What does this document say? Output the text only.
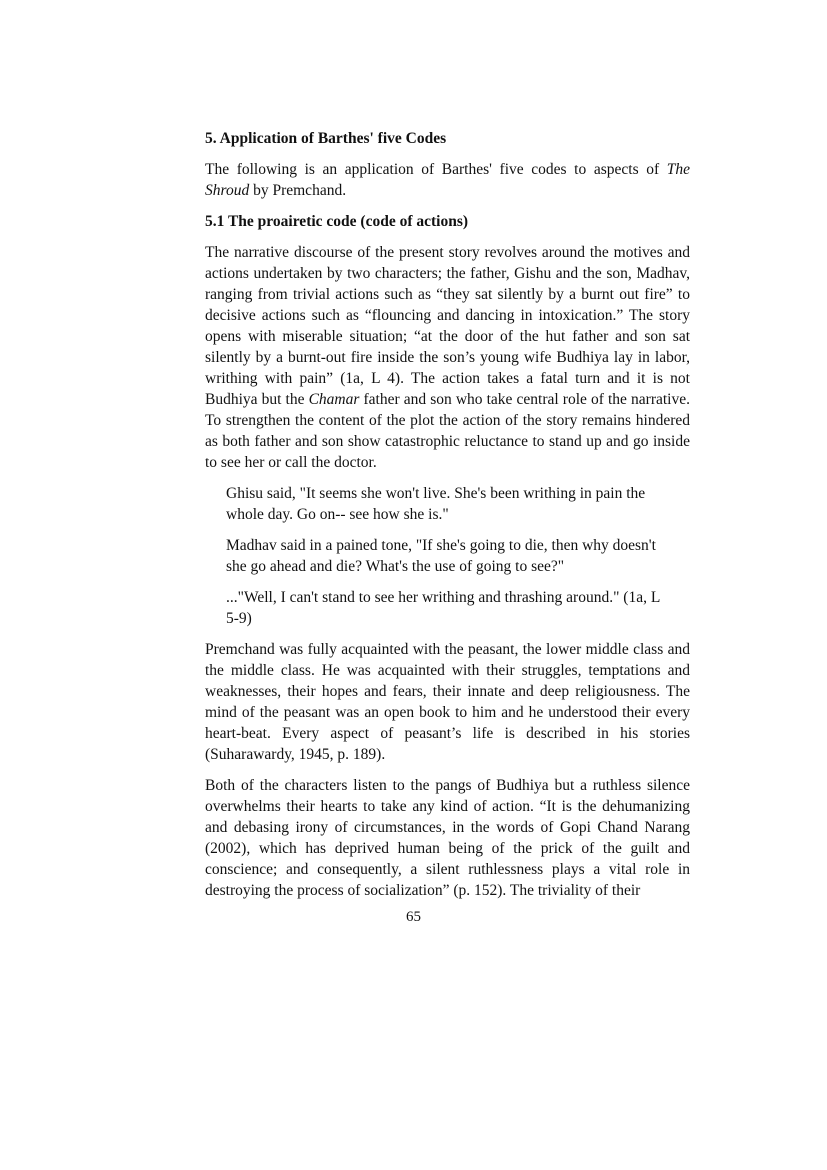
5. Application of Barthes' five Codes

The following is an application of Barthes' five codes to aspects of The Shroud by Premchand.

5.1 The proairetic code (code of actions)

The narrative discourse of the present story revolves around the motives and actions undertaken by two characters; the father, Gishu and the son, Madhav, ranging from trivial actions such as “they sat silently by a burnt out fire” to decisive actions such as “flouncing and dancing in intoxication.” The story opens with miserable situation; “at the door of the hut father and son sat silently by a burnt-out fire inside the son’s young wife Budhiya lay in labor, writhing with pain” (1a, L 4). The action takes a fatal turn and it is not Budhiya but the Chamar father and son who take central role of the narrative. To strengthen the content of the plot the action of the story remains hindered as both father and son show catastrophic reluctance to stand up and go inside to see her or call the doctor.

Ghisu said, "It seems she won't live. She's been writhing in pain the whole day. Go on-- see how she is."

Madhav said in a pained tone, "If she's going to die, then why doesn't she go ahead and die? What's the use of going to see?"

..."Well, I can't stand to see her writhing and thrashing around." (1a, L 5-9)

Premchand was fully acquainted with the peasant, the lower middle class and the middle class. He was acquainted with their struggles, temptations and weaknesses, their hopes and fears, their innate and deep religiousness. The mind of the peasant was an open book to him and he understood their every heart-beat. Every aspect of peasant’s life is described in his stories (Suharawardy, 1945, p. 189).

Both of the characters listen to the pangs of Budhiya but a ruthless silence overwhelms their hearts to take any kind of action. “It is the dehumanizing and debasing irony of circumstances, in the words of Gopi Chand Narang (2002), which has deprived human being of the prick of the guilt and conscience; and consequently, a silent ruthlessness plays a vital role in destroying the process of socialization” (p. 152). The triviality of their

65
